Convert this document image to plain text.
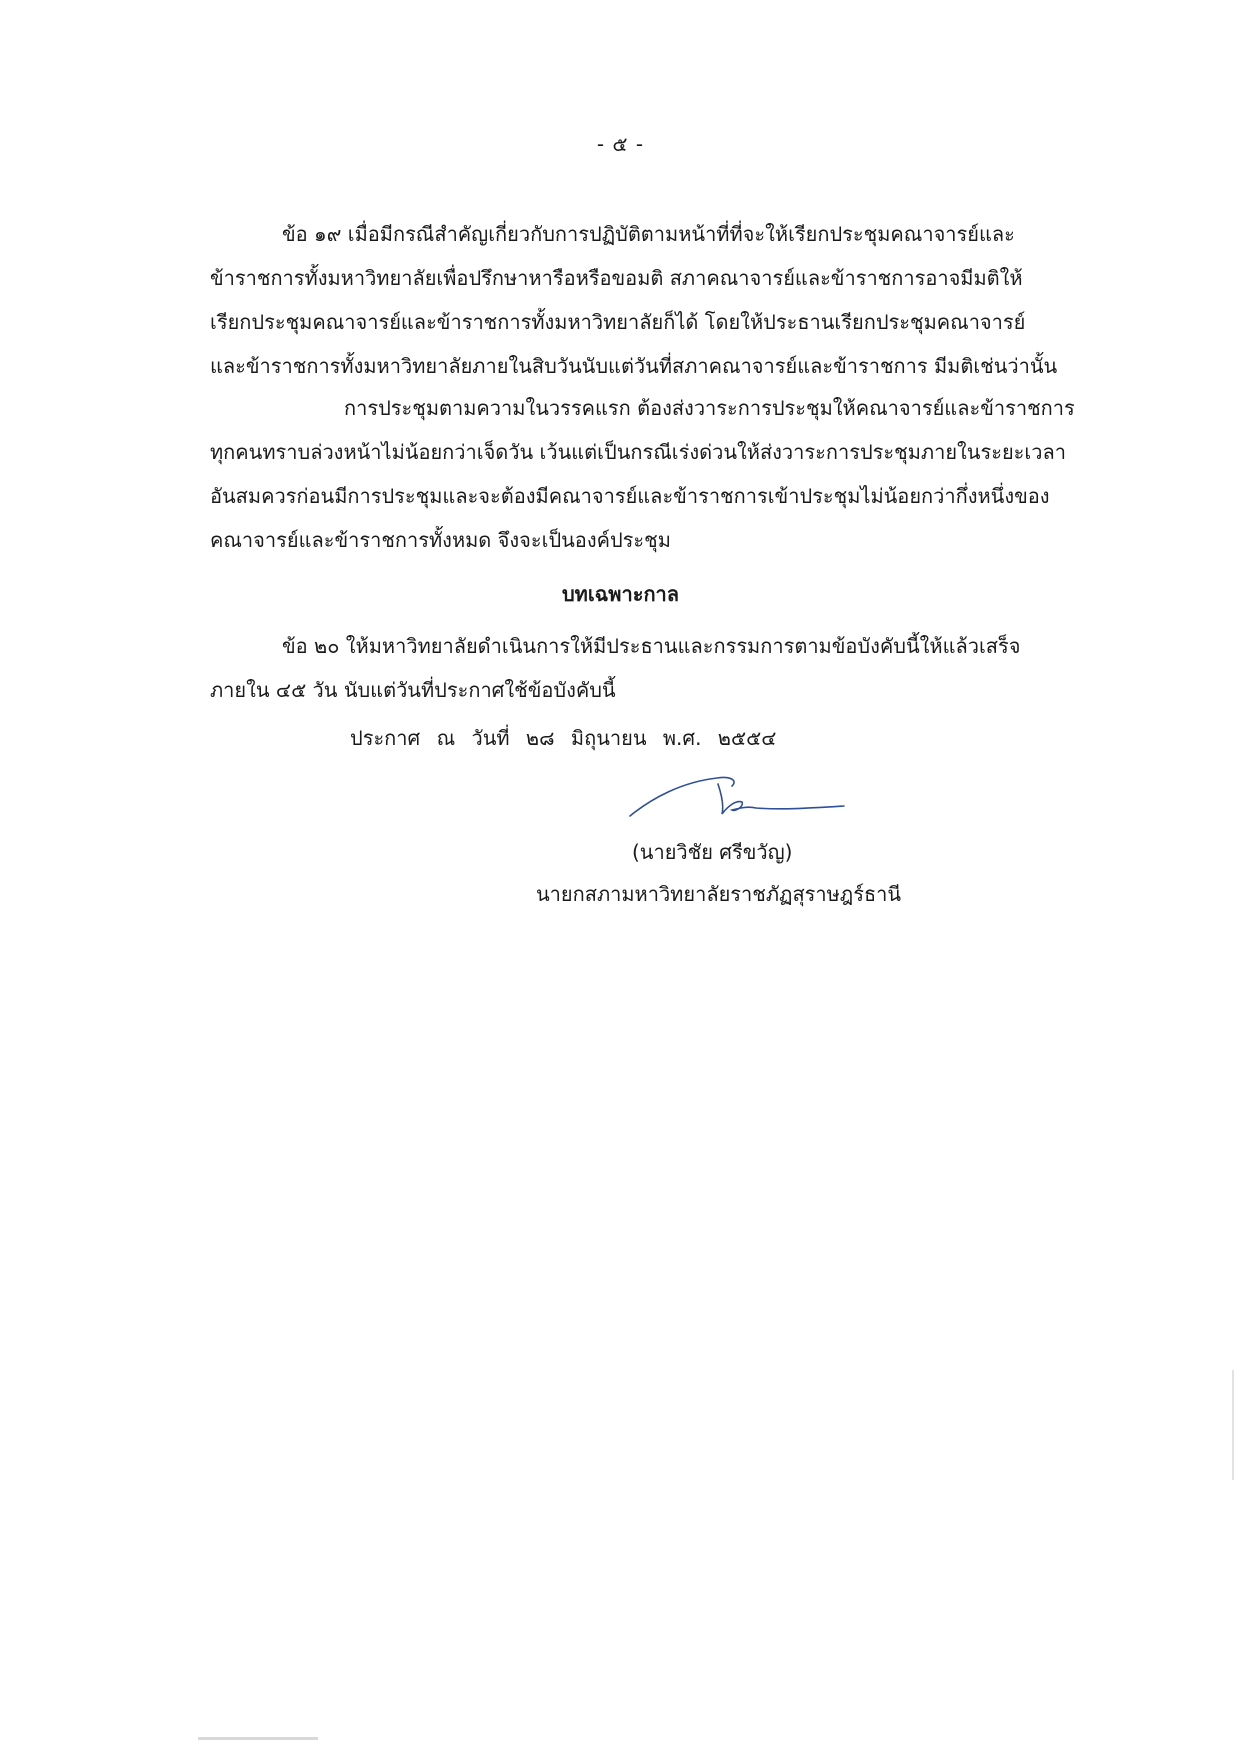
- ๕ -
ข้อ ๑๙ เมื่อมีกรณีสำคัญเกี่ยวกับการปฏิบัติตามหน้าที่ที่จะให้เรียกประชุมคณาจารย์และ
ข้าราชการทั้งมหาวิทยาลัยเพื่อปรึกษาหารือหรือขอมติ สภาคณาจารย์และข้าราชการอาจมีมติให้
เรียกประชุมคณาจารย์และข้าราชการทั้งมหาวิทยาลัยก็ได้ โดยให้ประธานเรียกประชุมคณาจารย์
และข้าราชการทั้งมหาวิทยาลัยภายในสิบวันนับแต่วันที่สภาคณาจารย์และข้าราชการ มีมติเช่นว่านั้น
การประชุมตามความในวรรคแรก ต้องส่งวาระการประชุมให้คณาจารย์และข้าราชการ
ทุกคนทราบล่วงหน้าไม่น้อยกว่าเจ็ดวัน เว้นแต่เป็นกรณีเร่งด่วนให้ส่งวาระการประชุมภายในระยะเวลา
อันสมควรก่อนมีการประชุมและจะต้องมีคณาจารย์และข้าราชการเข้าประชุมไม่น้อยกว่ากึ่งหนึ่งของ
คณาจารย์และข้าราชการทั้งหมด จึงจะเป็นองค์ประชุม
บทเฉพาะกาล
ข้อ ๒๐ ให้มหาวิทยาลัยดำเนินการให้มีประธานและกรรมการตามข้อบังคับนี้ให้แล้วเสร็จ
ภายใน ๔๕ วัน นับแต่วันที่ประกาศใช้ข้อบังคับนี้
ประกาศ ณ วันที่ ๒๘ มิถุนายน พ.ศ. ๒๕๕๔
(นายวิชัย ศรีขวัญ)
นายกสภามหาวิทยาลัยราชภัฏสุราษฎร์ธานี
